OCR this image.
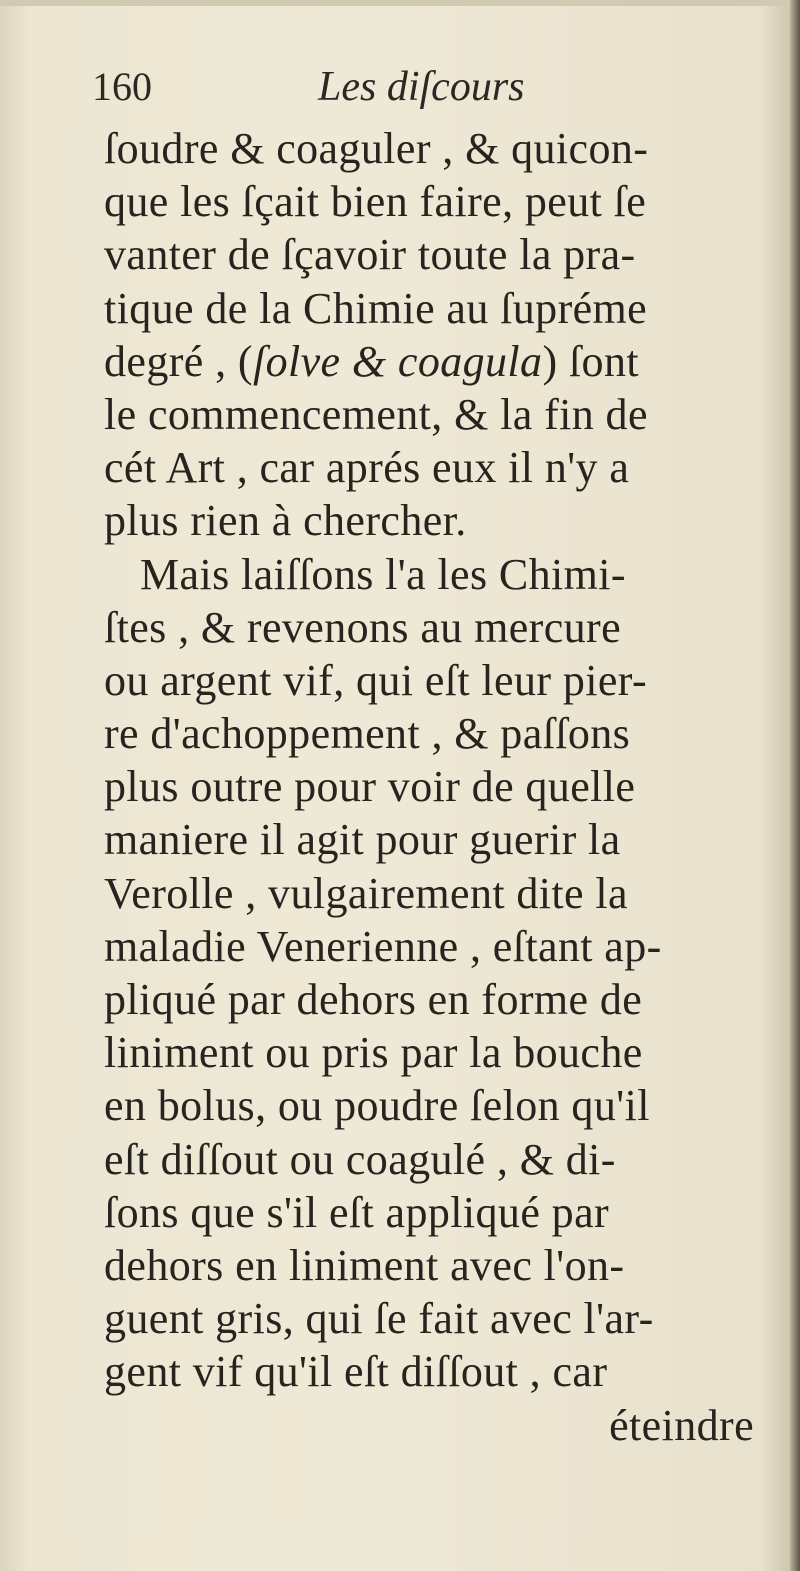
160	Les diſcours
ſoudre & coaguler , & quicon-
que les ſçait bien faire, peut ſe
vanter de ſçavoir toute la pra-
tique de la Chimie au ſupréme
degré , (ſolve & coagula) ſont
le commencement, & la fin de
cét Art , car aprés eux il n'y a
plus rien à chercher.
Mais laiſſons l'a les Chimi-
ſtes , & revenons au mercure
ou argent vif, qui eſt leur pier-
re d'achoppement , & paſſons
plus outre pour voir de quelle
maniere il agit pour guerir la
Verolle , vulgairement dite la
maladie Venerienne , eſtant ap-
pliqué par dehors en forme de
liniment ou pris par la bouche
en bolus, ou poudre ſelon qu'il
eſt diſſout ou coagulé , & di-
ſons que s'il eſt appliqué par
dehors en liniment avec l'on-
guent gris, qui ſe fait avec l'ar-
gent vif qu'il eſt diſſout , car
éteindre
